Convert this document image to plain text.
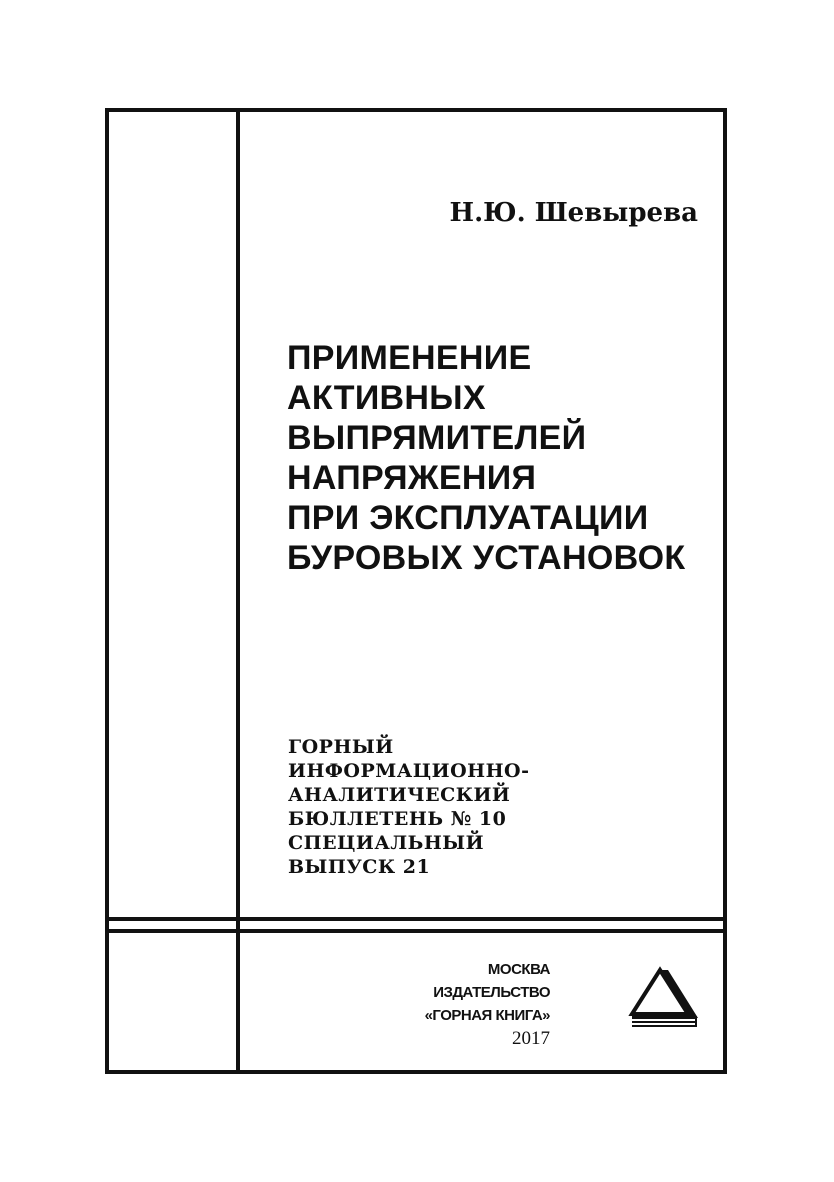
Н.Ю. Шевырева
ПРИМЕНЕНИЕ
АКТИВНЫХ
ВЫПРЯМИТЕЛЕЙ
НАПРЯЖЕНИЯ
ПРИ ЭКСПЛУАТАЦИИ
БУРОВЫХ УСТАНОВОК
ГОРНЫЙ
ИНФОРМАЦИОННО-
АНАЛИТИЧЕСКИЙ
БЮЛЛЕТЕНЬ № 10
СПЕЦИАЛЬНЫЙ
ВЫПУСК 21
МОСКВА
ИЗДАТЕЛЬСТВО
«ГОРНАЯ КНИГА»
2017
